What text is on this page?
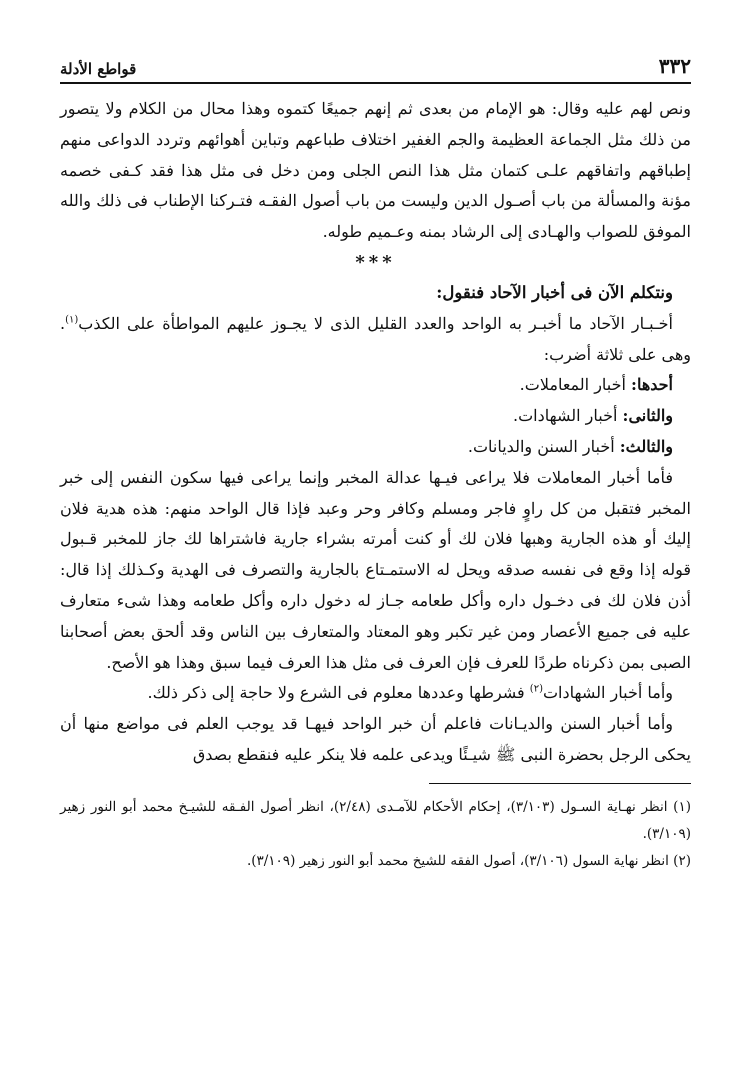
٣٣٢
قواطع الأدلة

ونص لهم عليه وقال: هو الإمام من بعدى ثم إنهم جميعًا كتموه وهذا محال من الكلام ولا يتصور من ذلك مثل الجماعة العظيمة والجم الغفير اختلاف طباعهم وتباين أهوائهم وتردد الدواعى منهم إطباقهم واتفاقهم علـى كتمان مثل هذا النص الجلى ومن دخل فى مثل هذا فقد كـفى خصمه مؤنة والمسألة من باب أصـول الدين وليست من باب أصول الفقـه فتـركنا الإطناب فى ذلك والله الموفق للصواب والهـادى إلى الرشاد بمنه وعـميم طوله.

***

ونتكلم الآن فى أخبار الآحاد فنقول:

أخـبـار الآحاد ما أخبـر به الواحد والعدد القليل الذى لا يجـوز عليهم المواطأة على الكذب$^{(١)}$. وهى على ثلاثة أضرب:

أحدها: أخبار المعاملات.

والثانى: أخبار الشهادات.

والثالث: أخبار السنن والديانات.

فأما أخبار المعاملات فلا يراعى فيـها عدالة المخبر وإنما يراعى فيها سكون النفس إلى خبر المخبر فتقبل من كل راوٍ فاجر ومسلم وكافر وحر وعبد فإذا قال الواحد منهم: هذه هدية فلان إليك أو هذه الجارية وهبها فلان لك أو كنت أمرته بشراء جارية فاشتراها لك جاز للمخبر قـبول قوله إذا وقع فى نفسه صدقه ويحل له الاستمـتاع بالجارية والتصرف فى الهدية وكـذلك إذا قال: أذن فلان لك فى دخـول داره وأكل طعامه جـاز له دخول داره وأكل طعامه وهذا شىء متعارف عليه فى جميع الأعصار ومن غير تكبر وهو المعتاد والمتعارف بين الناس وقد ألحق بعض أصحابنا الصبى بمن ذكرناه طردًا للعرف فإن العرف فى مثل هذا العرف فيما سبق وهذا هو الأصح.

وأما أخبار الشهادات$^{(٢)}$ فشرطها وعددها معلوم فى الشرع ولا حاجة إلى ذكر ذلك.

وأما أخبار السنن والديـانات فاعلم أن خبر الواحد فيهـا قد يوجب العلم فى مواضع منها أن يحكى الرجل بحضرة النبى ﷺ شيـئًا ويدعى علمه فلا ينكر عليه فنقطع بصدق

(١) انظر نهـاية السـول (٣/١٠٣)، إحكام الأحكام للآمـدى (٢/٤٨)، انظر أصول الفـقه للشيـخ محمد أبو النور زهير (٣/١٠٩).

(٢) انظر نهاية السول (٣/١٠٦)، أصول الفقه للشيخ محمد أبو النور زهير (٣/١٠٩).
